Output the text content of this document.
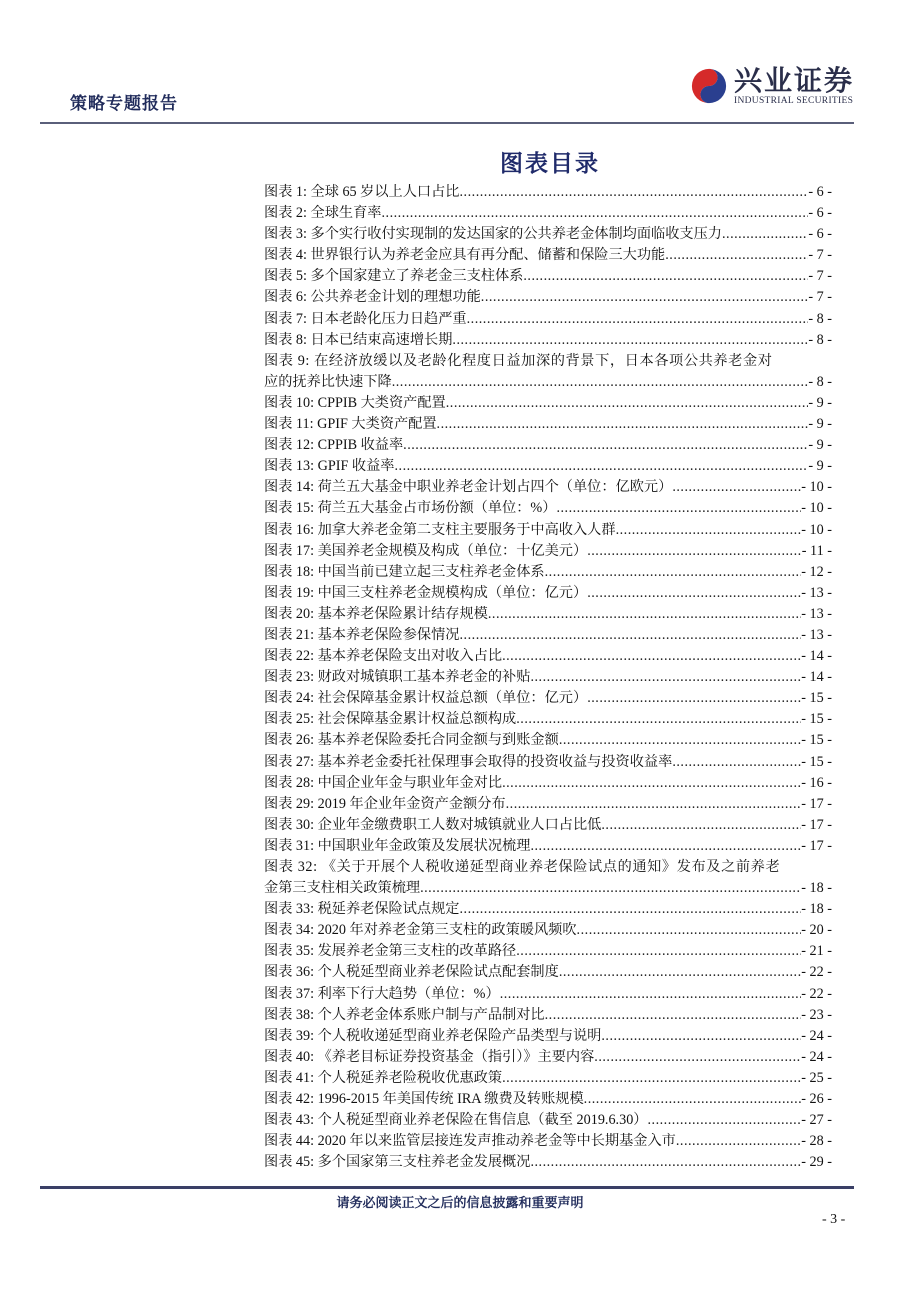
策略专题报告
兴业证券
INDUSTRIAL SECURITIES
图表目录
图表 1: 全球 65 岁以上人口占比 .....	- 6 -
图表 2: 全球生育率 .....	- 6 -
图表 3: 多个实行收付实现制的发达国家的公共养老金体制均面临收支压力 .....	- 6 -
图表 4: 世界银行认为养老金应具有再分配、储蓄和保险三大功能 .....	- 7 -
图表 5: 多个国家建立了养老金三支柱体系 .....	- 7 -
图表 6: 公共养老金计划的理想功能 .....	- 7 -
图表 7: 日本老龄化压力日趋严重 .....	- 8 -
图表 8: 日本已结束高速增长期 .....	- 8 -
图表 9: 在经济放缓以及老龄化程度日益加深的背景下，日本各项公共养老金对
应的抚养比快速下降 .....	- 8 -
图表 10: CPPIB 大类资产配置 .....	- 9 -
图表 11: GPIF 大类资产配置 .....	- 9 -
图表 12: CPPIB 收益率 .....	- 9 -
图表 13: GPIF 收益率 .....	- 9 -
图表 14: 荷兰五大基金中职业养老金计划占四个（单位：亿欧元） .....	- 10 -
图表 15: 荷兰五大基金占市场份额（单位：%） .....	- 10 -
图表 16: 加拿大养老金第二支柱主要服务于中高收入人群 .....	- 10 -
图表 17: 美国养老金规模及构成（单位：十亿美元） .....	- 11 -
图表 18: 中国当前已建立起三支柱养老金体系 .....	- 12 -
图表 19: 中国三支柱养老金规模构成（单位：亿元） .....	- 13 -
图表 20: 基本养老保险累计结存规模 .....	- 13 -
图表 21: 基本养老保险参保情况 .....	- 13 -
图表 22: 基本养老保险支出对收入占比 .....	- 14 -
图表 23: 财政对城镇职工基本养老金的补贴 .....	- 14 -
图表 24: 社会保障基金累计权益总额（单位：亿元） .....	- 15 -
图表 25: 社会保障基金累计权益总额构成 .....	- 15 -
图表 26: 基本养老保险委托合同金额与到账金额 .....	- 15 -
图表 27: 基本养老金委托社保理事会取得的投资收益与投资收益率 .....	- 15 -
图表 28: 中国企业年金与职业年金对比 .....	- 16 -
图表 29: 2019 年企业年金资产金额分布 .....	- 17 -
图表 30: 企业年金缴费职工人数对城镇就业人口占比低 .....	- 17 -
图表 31: 中国职业年金政策及发展状况梳理 .....	- 17 -
图表 32: 《关于开展个人税收递延型商业养老保险试点的通知》发布及之前养老
金第三支柱相关政策梳理 .....	- 18 -
图表 33: 税延养老保险试点规定 .....	- 18 -
图表 34: 2020 年对养老金第三支柱的政策暖风频吹 .....	- 20 -
图表 35: 发展养老金第三支柱的改革路径 .....	- 21 -
图表 36: 个人税延型商业养老保险试点配套制度 .....	- 22 -
图表 37: 利率下行大趋势（单位：%） .....	- 22 -
图表 38: 个人养老金体系账户制与产品制对比 .....	- 23 -
图表 39: 个人税收递延型商业养老保险产品类型与说明 .....	- 24 -
图表 40: 《养老目标证券投资基金（指引）》主要内容 .....	- 24 -
图表 41: 个人税延养老险税收优惠政策 .....	- 25 -
图表 42: 1996-2015 年美国传统 IRA 缴费及转账规模 .....	- 26 -
图表 43: 个人税延型商业养老保险在售信息（截至 2019.6.30） .....	- 27 -
图表 44: 2020 年以来监管层接连发声推动养老金等中长期基金入市 .....	- 28 -
图表 45: 多个国家第三支柱养老金发展概况 .....	- 29 -
请务必阅读正文之后的信息披露和重要声明
- 3 -
